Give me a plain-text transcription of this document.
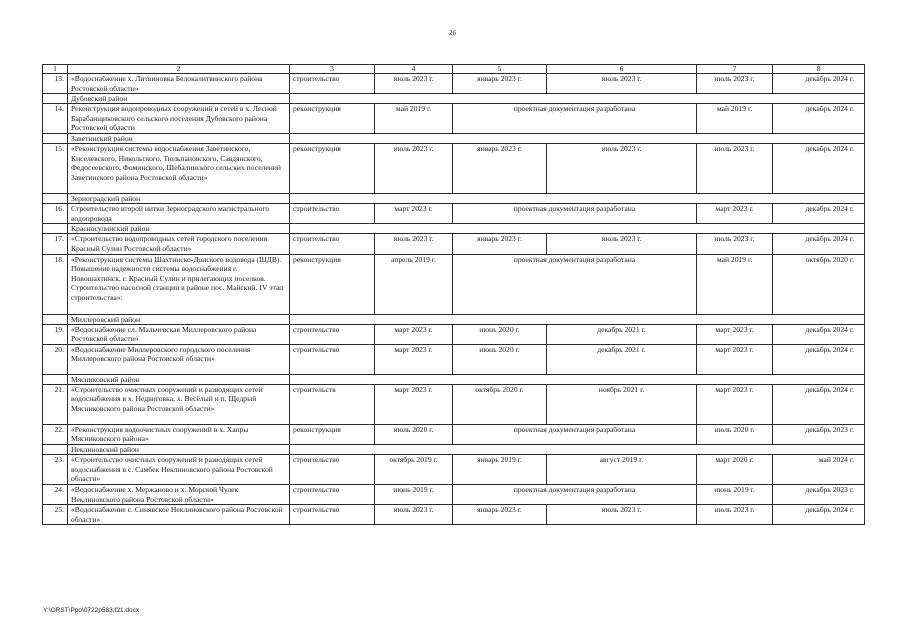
26
1	2	3	4	5	6	7	8
13.	«Водоснабжение х. Литвиновка Белокалитвинского района Ростовской области»	строительство	июль 2023 г.	январь 2023 г.	июль 2023 г.	июль 2023 г.	декабрь 2024 г.
	Дубовский район						
14.	Реконструкция водопроводных сооружений и сетей в х. Лесной Барабанщиковского сельского поселения Дубовского района Ростовской области	реконструкция	май 2019 г.	проектная документация разработана		май 2019 г.	декабрь 2024 г.
	Заветинский район						
15.	«Реконструкция системы водоснабжения Заветинского, Киселевского, Никольского, Тюльпановского, Савдянского, Федосеевского, Фоминского, Шебалинского сельских поселений Заветинского района Ростовской области»	реконструкция	июль 2023 г.	январь 2023 г.	июль 2023 г.	июль 2023 г.	декабрь 2024 г.
	Зерноградский район						
16.	Строительство второй нитки Зерноградского магистрального водопровода	строительство	март 2023 г.	проектная документация разработана		март 2023 г.	декабрь 2024 г.
	Красносулинский район						
17.	«Строительство водопроводных сетей городского поселения Красный Сулин Ростовской области»	строительство	июль 2023 г.	январь 2023 г.	июль 2023 г.	июль 2023 г.	декабрь 2024 г.
18.	«Реконструкция системы Шахтинско-Донского водовода (ШДВ). Повышение надежности системы водоснабжения г. Новошахтинск, г. Красный Сулин и прилегающих поселков. Строительство насосной станции в районе пос. Майский. IV этап строительства»:	реконструкция	апрель 2019 г.	проектная документация разработана		май 2019 г.	октябрь 2020 г.
	Миллеровский район						
19.	«Водоснабжение сл. Мальчевская Миллеровского района Ростовской области»	строительство	март 2023 г.	июнь 2020 г.	декабрь 2021 г.	март 2023 г.	декабрь 2024 г.
20.	«Водоснабжение Миллеровского городского поселения Миллеровского района Ростовской области»	строительство	март 2023 г.	июнь 2020 г.	декабрь 2021 г.	март 2023 г.	декабрь 2024 г.
	Мясниковский район						
21.	«Строительство очистных сооружений и разводящих сетей водоснабжения в х. Недвиговка, х. Весёлый и п. Щедрый Мясниковского района Ростовской области»	строительств	март 2023 г.	октябрь 2020 г.	ноябрь 2021 г.	март 2023 г.	декабрь 2024 г.
22.	«Реконструкция водоочистных сооружений в х. Хапры Мясниковского района»	реконструкция	июль 2020 г.	проектная документация разработана		июль 2020 г.	декабрь 2023 г.
	Неклиновский район						
23.	«Строительство очистных сооружений и разводящих сетей водоснабжения в с. Самбек Неклиновского района Ростовской области»	строительство	октябрь 2019 г.	январь 2019 г.	август 2019 г.	март 2020 г.	май 2024 г.
24.	«Водоснабжение х. Мержаново и х. Морской Чулек Неклиновского района Ростовской области»	строительство	июнь 2019 г.	проектная документация разработана		июнь 2019 г.	декабрь 2023 г.
25.	«Водоснабжение с. Синявское Неклиновского района Ростовской области»	строительство	июль 2023 г.	январь 2023 г.	июль 2023 г.	июль 2023 г.	декабрь 2024 г.
Y:\ORST\Ppo\0722p583.f21.docx
